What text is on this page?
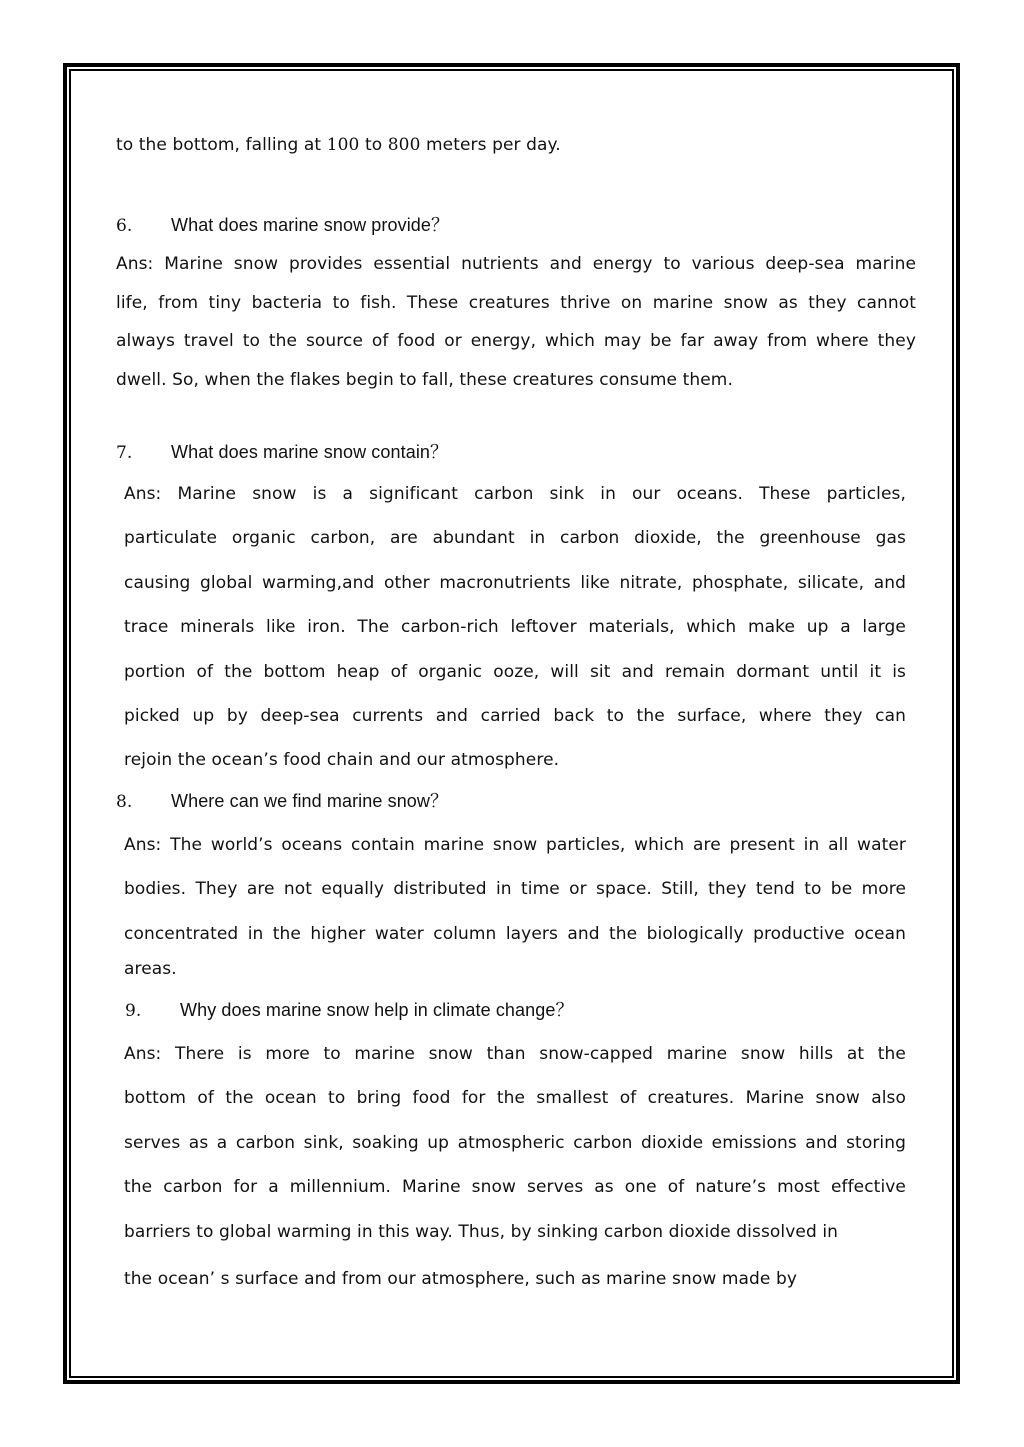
to the bottom, falling at 100 to 800 meters per day.
6.	What does marine snow provide？
Ans: Marine snow provides essential nutrients and energy to various deep-sea marine
life, from tiny bacteria to fish. These creatures thrive on marine snow as they cannot
always travel to the source of food or energy, which may be far away from where they
dwell. So, when the flakes begin to fall, these creatures consume them.
7.	What does marine snow contain？
Ans: Marine snow is a significant carbon sink in our oceans. These particles,
particulate organic carbon, are abundant in carbon dioxide, the greenhouse gas
causing global warming,and other macronutrients like nitrate, phosphate, silicate, and
trace minerals like iron. The carbon-rich leftover materials, which make up a large
portion of the bottom heap of organic ooze, will sit and remain dormant until it is
picked up by deep-sea currents and carried back to the surface, where they can
rejoin the ocean’s food chain and our atmosphere.
8.	Where can we find marine snow？
Ans: The world’s oceans contain marine snow particles, which are present in all water
bodies. They are not equally distributed in time or space. Still, they tend to be more
concentrated in the higher water column layers and the biologically productive ocean
areas.
9.	Why does marine snow help in climate change？
Ans: There is more to marine snow than snow-capped marine snow hills at the
bottom of the ocean to bring food for the smallest of creatures. Marine snow also
serves as a carbon sink, soaking up atmospheric carbon dioxide emissions and storing
the carbon for a millennium. Marine snow serves as one of nature’s most effective
barriers to global warming in this way. Thus, by sinking carbon dioxide dissolved in
the ocean’ s surface and from our atmosphere, such as marine snow made by
